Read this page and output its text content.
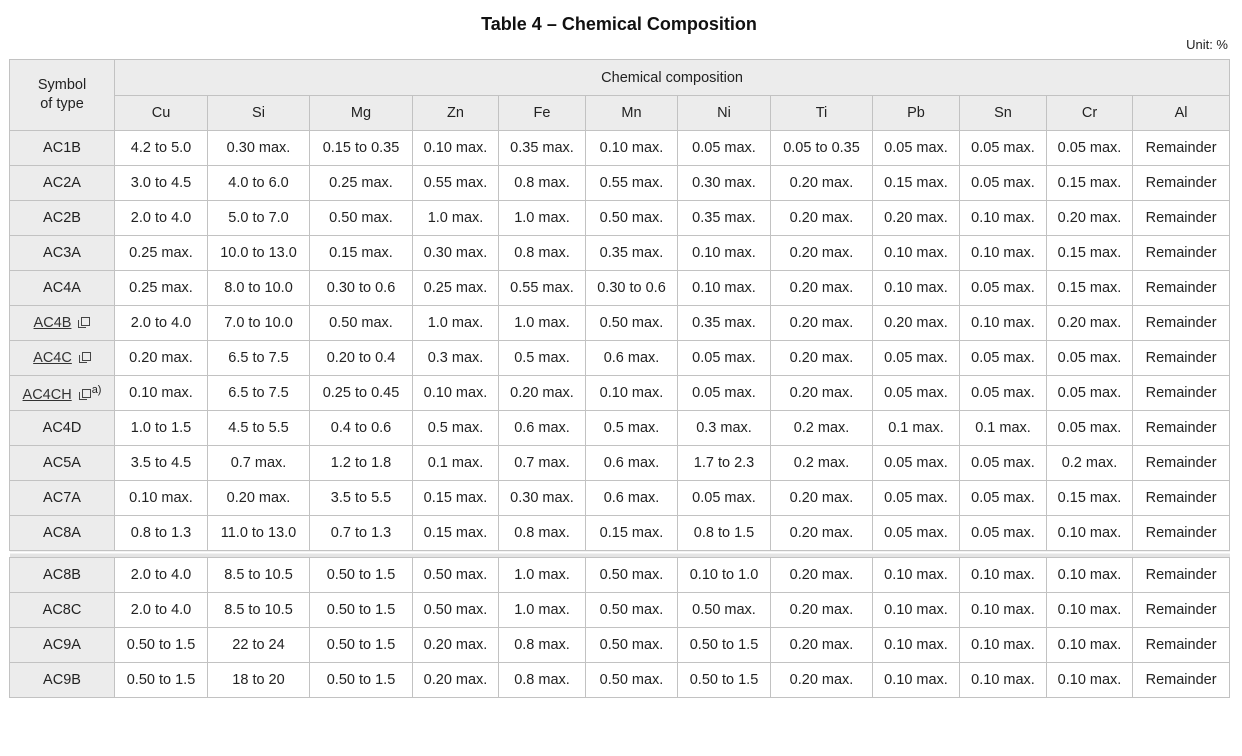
Table 4 – Chemical Composition
Unit: %
Symbol of type	Chemical composition											
	Cu	Si	Mg	Zn	Fe	Mn	Ni	Ti	Pb	Sn	Cr	Al
AC1B	4.2 to 5.0	0.30 max.	0.15 to 0.35	0.10 max.	0.35 max.	0.10 max.	0.05 max.	0.05 to 0.35	0.05 max.	0.05 max.	0.05 max.	Remainder
AC2A	3.0 to 4.5	4.0 to 6.0	0.25 max.	0.55 max.	0.8 max.	0.55 max.	0.30 max.	0.20 max.	0.15 max.	0.05 max.	0.15 max.	Remainder
AC2B	2.0 to 4.0	5.0 to 7.0	0.50 max.	1.0 max.	1.0 max.	0.50 max.	0.35 max.	0.20 max.	0.20 max.	0.10 max.	0.20 max.	Remainder
AC3A	0.25 max.	10.0 to 13.0	0.15 max.	0.30 max.	0.8 max.	0.35 max.	0.10 max.	0.20 max.	0.10 max.	0.10 max.	0.15 max.	Remainder
AC4A	0.25 max.	8.0 to 10.0	0.30 to 0.6	0.25 max.	0.55 max.	0.30 to 0.6	0.10 max.	0.20 max.	0.10 max.	0.05 max.	0.15 max.	Remainder
AC4B	2.0 to 4.0	7.0 to 10.0	0.50 max.	1.0 max.	1.0 max.	0.50 max.	0.35 max.	0.20 max.	0.20 max.	0.10 max.	0.20 max.	Remainder
AC4C	0.20 max.	6.5 to 7.5	0.20 to 0.4	0.3 max.	0.5 max.	0.6 max.	0.05 max.	0.20 max.	0.05 max.	0.05 max.	0.05 max.	Remainder
AC4CH $^{a)}$	0.10 max.	6.5 to 7.5	0.25 to 0.45	0.10 max.	0.20 max.	0.10 max.	0.05 max.	0.20 max.	0.05 max.	0.05 max.	0.05 max.	Remainder
AC4D	1.0 to 1.5	4.5 to 5.5	0.4 to 0.6	0.5 max.	0.6 max.	0.5 max.	0.3 max.	0.2 max.	0.1 max.	0.1 max.	0.05 max.	Remainder
AC5A	3.5 to 4.5	0.7 max.	1.2 to 1.8	0.1 max.	0.7 max.	0.6 max.	1.7 to 2.3	0.2 max.	0.05 max.	0.05 max.	0.2 max.	Remainder
AC7A	0.10 max.	0.20 max.	3.5 to 5.5	0.15 max.	0.30 max.	0.6 max.	0.05 max.	0.20 max.	0.05 max.	0.05 max.	0.15 max.	Remainder
AC8A	0.8 to 1.3	11.0 to 13.0	0.7 to 1.3	0.15 max.	0.8 max.	0.15 max.	0.8 to 1.5	0.20 max.	0.05 max.	0.05 max.	0.10 max.	Remainder

AC8B	2.0 to 4.0	8.5 to 10.5	0.50 to 1.5	0.50 max.	1.0 max.	0.50 max.	0.10 to 1.0	0.20 max.	0.10 max.	0.10 max.	0.10 max.	Remainder
AC8C	2.0 to 4.0	8.5 to 10.5	0.50 to 1.5	0.50 max.	1.0 max.	0.50 max.	0.50 max.	0.20 max.	0.10 max.	0.10 max.	0.10 max.	Remainder
AC9A	0.50 to 1.5	22 to 24	0.50 to 1.5	0.20 max.	0.8 max.	0.50 max.	0.50 to 1.5	0.20 max.	0.10 max.	0.10 max.	0.10 max.	Remainder
AC9B	0.50 to 1.5	18 to 20	0.50 to 1.5	0.20 max.	0.8 max.	0.50 max.	0.50 to 1.5	0.20 max.	0.10 max.	0.10 max.	0.10 max.	Remainder
